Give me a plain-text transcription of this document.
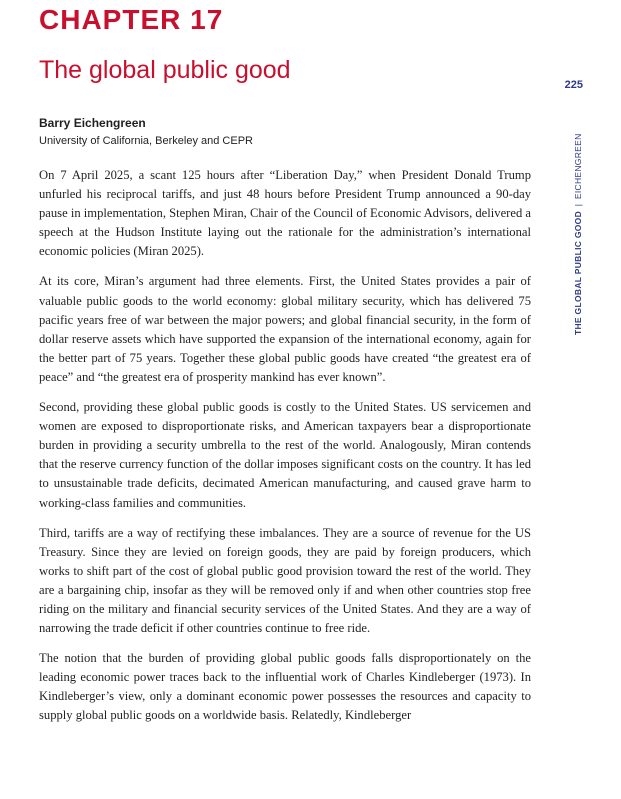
CHAPTER 17
The global public good
225
THE GLOBAL PUBLIC GOOD | EICHENGREEN
Barry Eichengreen
University of California, Berkeley and CEPR

On 7 April 2025, a scant 125 hours after “Liberation Day,” when President Donald Trump unfurled his reciprocal tariffs, and just 48 hours before President Trump announced a 90-day pause in implementation, Stephen Miran, Chair of the Council of Economic Advisors, delivered a speech at the Hudson Institute laying out the rationale for the administration’s international economic policies (Miran 2025).

At its core, Miran’s argument had three elements. First, the United States provides a pair of valuable public goods to the world economy: global military security, which has delivered 75 pacific years free of war between the major powers; and global financial security, in the form of dollar reserve assets which have supported the expansion of the international economy, again for the better part of 75 years. Together these global public goods have created “the greatest era of peace” and “the greatest era of prosperity mankind has ever known”.

Second, providing these global public goods is costly to the United States. US servicemen and women are exposed to disproportionate risks, and American taxpayers bear a disproportionate burden in providing a security umbrella to the rest of the world. Analogously, Miran contends that the reserve currency function of the dollar imposes significant costs on the country. It has led to unsustainable trade deficits, decimated American manufacturing, and caused grave harm to working-class families and communities.

Third, tariffs are a way of rectifying these imbalances. They are a source of revenue for the US Treasury. Since they are levied on foreign goods, they are paid by foreign producers, which works to shift part of the cost of global public good provision toward the rest of the world. They are a bargaining chip, insofar as they will be removed only if and when other countries stop free riding on the military and financial security services of the United States. And they are a way of narrowing the trade deficit if other countries continue to free ride.

The notion that the burden of providing global public goods falls disproportionately on the leading economic power traces back to the influential work of Charles Kindleberger (1973). In Kindleberger’s view, only a dominant economic power possesses the resources and capacity to supply global public goods on a worldwide basis. Relatedly, Kindleberger
